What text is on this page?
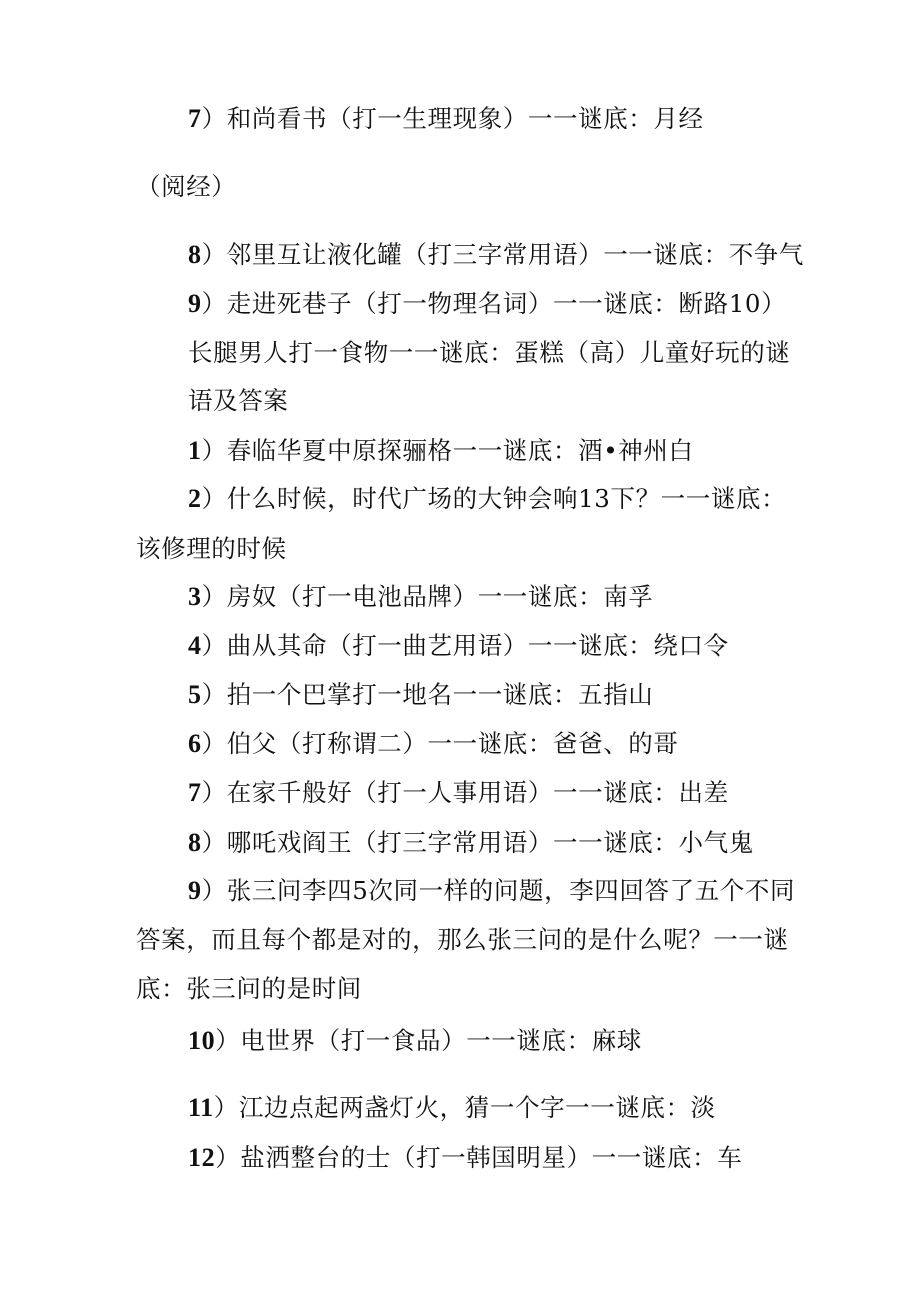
7）和尚看书（打一生理现象）一一谜底：月经
（阅经）
8）邻里互让液化罐（打三字常用语）一一谜底：不争气
9）走进死巷子（打一物理名词）一一谜底：断路10）
长腿男人打一食物一一谜底：蛋糕（高）儿童好玩的谜
语及答案
1）春临华夏中原探骊格一一谜底：酒•神州白
2）什么时候，时代广场的大钟会响13下？一一谜底：
该修理的时候
3）房奴（打一电池品牌）一一谜底：南孚
4）曲从其命（打一曲艺用语）一一谜底：绕口令
5）拍一个巴掌打一地名一一谜底：五指山
6）伯父（打称谓二）一一谜底：爸爸、的哥
7）在家千般好（打一人事用语）一一谜底：出差
8）哪吒戏阎王（打三字常用语）一一谜底：小气鬼
9）张三问李四5次同一样的问题，李四回答了五个不同
答案，而且每个都是对的，那么张三问的是什么呢？一一谜
底：张三问的是时间
10）电世界（打一食品）一一谜底：麻球
11）江边点起两盏灯火，猜一个字一一谜底：淡
12）盐洒整台的士（打一韩国明星）一一谜底：车
